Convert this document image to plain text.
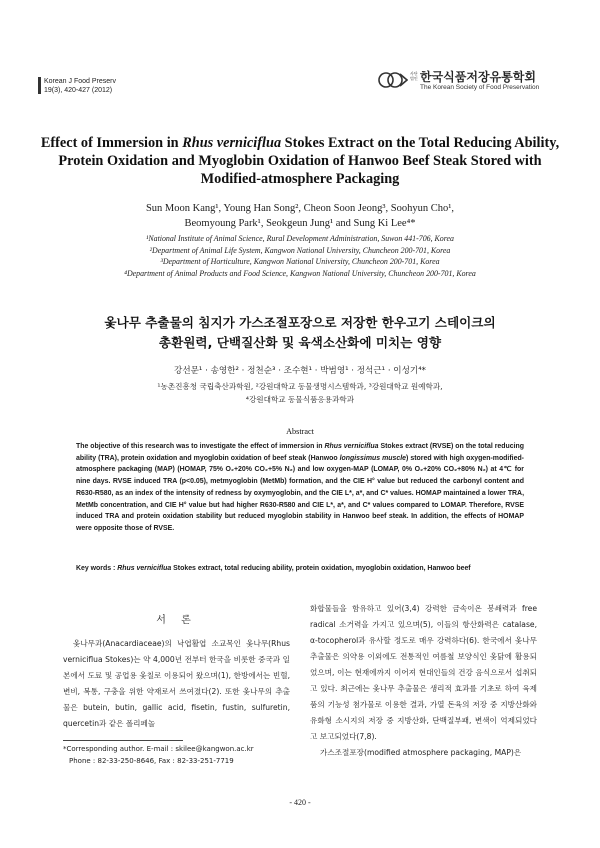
Korean J Food Preserv
19(3), 420-427 (2012)
사단 법인 한국식품저장유통학회
The Korean Society of Food Preservation
Effect of Immersion in Rhus verniciflua Stokes Extract on the Total Reducing Ability, Protein Oxidation and Myoglobin Oxidation of Hanwoo Beef Steak Stored with Modified-atmosphere Packaging
Sun Moon Kang¹, Young Han Song², Cheon Soon Jeong³, Soohyun Cho¹,
Beomyoung Park¹, Seokgeun Jung¹ and Sung Ki Lee⁴*
¹National Institute of Animal Science, Rural Development Administration, Suwon 441-706, Korea
²Department of Animal Life System, Kangwon National University, Chuncheon 200-701, Korea
³Department of Horticulture, Kangwon National University, Chuncheon 200-701, Korea
⁴Department of Animal Products and Food Science, Kangwon National University, Chuncheon 200-701, Korea
옻나무 추출물의 침지가 가스조절포장으로 저장한 한우고기 스테이크의
총환원력, 단백질산화 및 육색소산화에 미치는 영향
강선문¹ · 송영한² · 정천순³ · 조수현¹ · 박범영¹ · 정석근¹ · 이성기⁴*
¹농촌진흥청 국립축산과학원, ²강원대학교 동물생명시스템학과, ³강원대학교 원예학과,
⁴강원대학교 동물식품응용과학과
Abstract
The objective of this research was to investigate the effect of immersion in Rhus verniciflua Stokes extract (RVSE) on the total reducing ability (TRA), protein oxidation and myoglobin oxidation of beef steak (Hanwoo longissimus muscle) stored with high oxygen-modified-atmosphere packaging (MAP) (HOMAP, 75% O₂+20% CO₂+5% N₂) and low oxygen-MAP (LOMAP, 0% O₂+20% CO₂+80% N₂) at 4℃ for nine days. RVSE induced TRA (p<0.05), metmyoglobin (MetMb) formation, and the CIE H° value but reduced the carbonyl content and R630-R580, as an index of the intensity of redness by oxymyoglobin, and the CIE L*, a*, and C* values. HOMAP maintained a lower TRA, MetMb concentration, and CIE H° value but had higher R630-R580 and CIE L*, a*, and C* values compared to LOMAP. Therefore, RVSE induced TRA and protein oxidation stability but reduced myoglobin stability in Hanwoo beef steak. In addition, the effects of HOMAP were opposite those of RVSE.
Key words : Rhus verniciflua Stokes extract, total reducing ability, protein oxidation, myoglobin oxidation, Hanwoo beef
서 론

옻나무과(Anacardiaceae)의 낙엽활엽 소교목인 옻나무(Rhus verniciflua Stokes)는 약 4,000년 전부터 한국을 비롯한 중국과 일본에서 도료 및 공업용 옻칠로 이용되어 왔으며(1), 한방에서는 빈혈, 변비, 복통, 구충을 위한 약재로서 쓰여졌다(2). 또한 옻나무의 추출물은 butein, butin, gallic acid, fisetin, fustin, sulfuretin, quercetin과 같은 폴리페놀

화합물들을 함유하고 있어(3,4) 강력한 금속이온 봉쇄력과 free radical 소거력을 가지고 있으며(5), 이들의 항산화력은 catalase, α-tocopherol과 유사할 정도로 매우 강력하다(6). 한국에서 옻나무 추출물은 의약용 이외에도 전통적인 여름철 보양식인 옻닭에 활용되었으며, 이는 현재에까지 이어져 현대인들의 건강 음식으로서 섭취되고 있다. 최근에는 옻나무 추출물은 생리적 효과를 기초로 하여 육제품의 기능성 첨가물로 이용한 결과, 가열 돈육의 저장 중 지방산화와 유화형 소시지의 저장 중 지방산화, 단백질부패, 변색이 억제되었다고 보고되었다(7,8).

가스조절포장(modified atmosphere packaging, MAP)은

*Corresponding author. E-mail : skilee@kangwon.ac.kr
Phone : 82-33-250-8646, Fax : 82-33-251-7719
- 420 -
